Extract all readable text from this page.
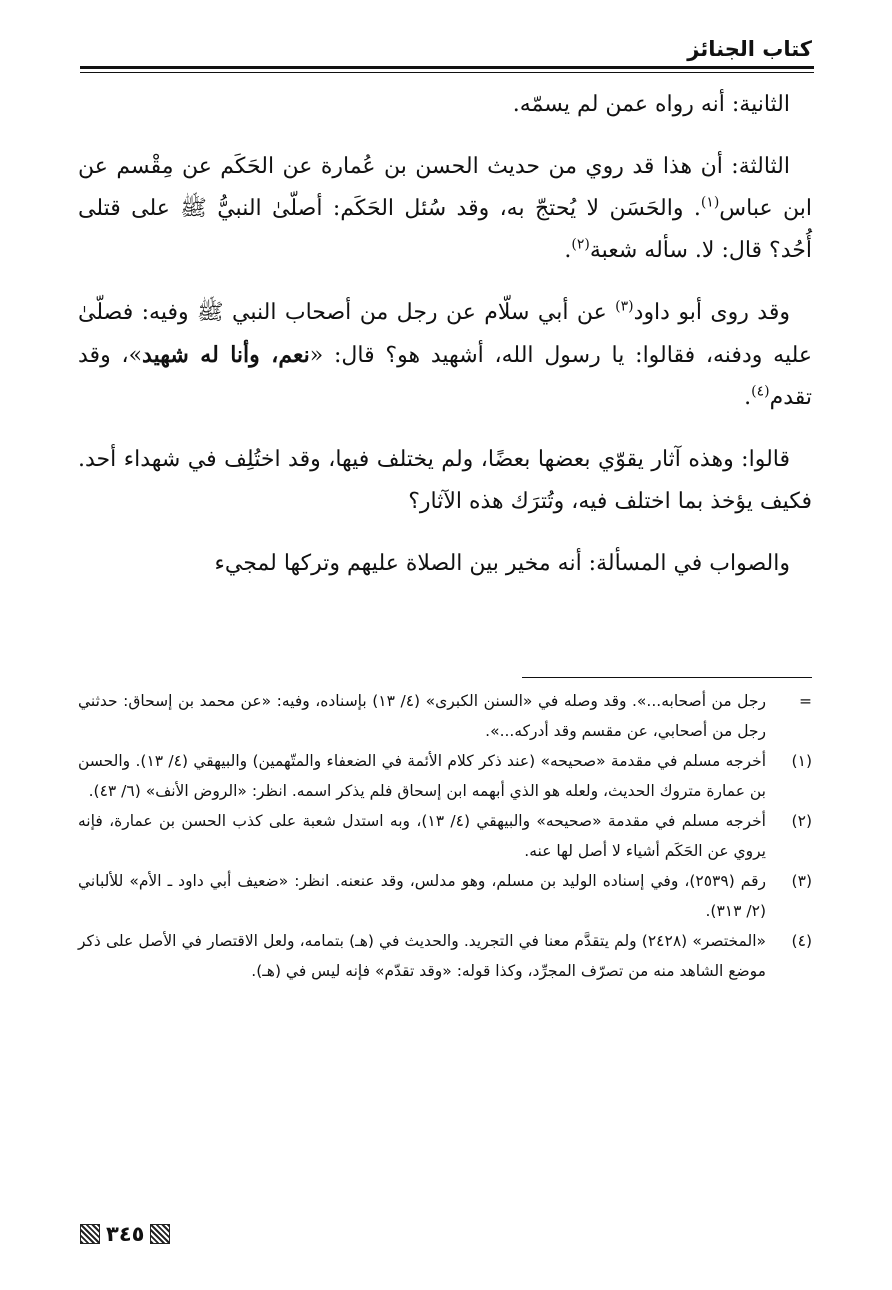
كتاب الجنائز

الثانية: أنه رواه عمن لم يسمّه.

الثالثة: أن هذا قد روي من حديث الحسن بن عُمارة عن الحَكَم عن مِقْسم عن ابن عباس$^{(١)}$. والحَسَن لا يُحتجّ به، وقد سُئل الحَكَم: أصلّىٰ النبيُّ ﷺ على قتلى أُحُد؟ قال: لا. سأله شعبة$^{(٢)}$.

وقد روى أبو داود$^{(٣)}$ عن أبي سلّام عن رجل من أصحاب النبي ﷺ وفيه: فصلّىٰ عليه ودفنه، فقالوا: يا رسول الله، أشهيد هو؟ قال: «نعم، وأنا له شهيد»، وقد تقدم$^{(٤)}$.

قالوا: وهذه آثار يقوّي بعضها بعضًا، ولم يختلف فيها، وقد اختُلِف في شهداء أحد. فكيف يؤخذ بما اختلف فيه، وتُترَك هذه الآثار؟

والصواب في المسألة: أنه مخير بين الصلاة عليهم وتركها لمجيء

=
رجل من أصحابه...». وقد وصله في «السنن الكبرى» (٤/ ١٣) بإسناده، وفيه: «عن محمد بن إسحاق: حدثني رجل من أصحابي، عن مقسم وقد أدركه...».
(١)
أخرجه مسلم في مقدمة «صحيحه» (عند ذكر كلام الأئمة في الضعفاء والمتّهمين) والبيهقي (٤/ ١٣). والحسن بن عمارة متروك الحديث، ولعله هو الذي أبهمه ابن إسحاق فلم يذكر اسمه. انظر: «الروض الأنف» (٦/ ٤٣).
(٢)
أخرجه مسلم في مقدمة «صحيحه» والبيهقي (٤/ ١٣)، وبه استدل شعبة على كذب الحسن بن عمارة، فإنه يروي عن الحَكَم أشياء لا أصل لها عنه.
(٣)
رقم (٢٥٣٩)، وفي إسناده الوليد بن مسلم، وهو مدلس، وقد عنعنه. انظر: «ضعيف أبي داود ـ الأم» للألباني (٢/ ٣١٣).
(٤)
«المختصر» (٢٤٢٨) ولم يتقدَّم معنا في التجريد. والحديث في (هـ) بتمامه، ولعل الاقتصار في الأصل على ذكر موضع الشاهد منه من تصرّف المجرِّد، وكذا قوله: «وقد تقدّم» فإنه ليس في (هـ).
٣٤٥
